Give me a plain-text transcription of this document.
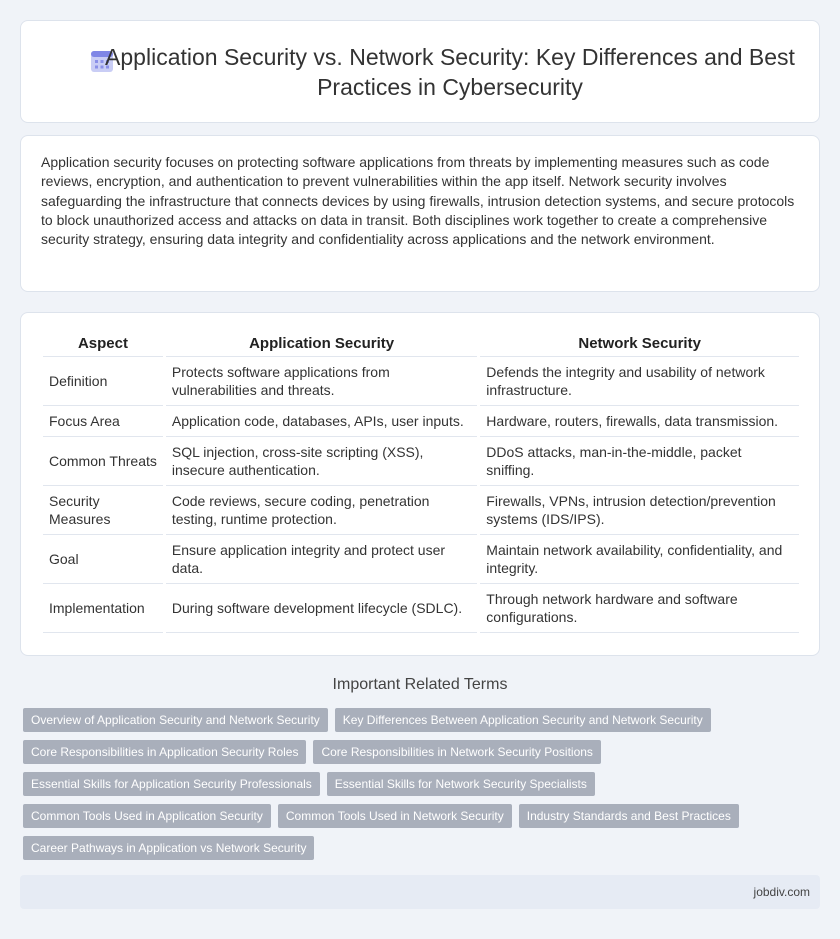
Application Security vs. Network Security: Key Differences and Best Practices in Cybersecurity

Application security focuses on protecting software applications from threats by implementing measures such as code reviews, encryption, and authentication to prevent vulnerabilities within the app itself. Network security involves safeguarding the infrastructure that connects devices by using firewalls, intrusion detection systems, and secure protocols to block unauthorized access and attacks on data in transit. Both disciplines work together to create a comprehensive security strategy, ensuring data integrity and confidentiality across applications and the network environment.

Aspect		Application Security		Network Security
Definition		Protects software applications from vulnerabilities and threats.		Defends the integrity and usability of network infrastructure.
Focus Area		Application code, databases, APIs, user inputs.		Hardware, routers, firewalls, data transmission.
Common Threats		SQL injection, cross-site scripting (XSS), insecure authentication.		DDoS attacks, man-in-the-middle, packet sniffing.
Security Measures		Code reviews, secure coding, penetration testing, runtime protection.		Firewalls, VPNs, intrusion detection/prevention systems (IDS/IPS).
Goal		Ensure application integrity and protect user data.		Maintain network availability, confidentiality, and integrity.
Implementation		During software development lifecycle (SDLC).		Through network hardware and software configurations.
Important Related Terms
Overview of Application Security and Network Security	Key Differences Between Application Security and Network Security
Core Responsibilities in Application Security Roles	Core Responsibilities in Network Security Positions
Essential Skills for Application Security Professionals	Essential Skills for Network Security Specialists
Common Tools Used in Application Security	Common Tools Used in Network Security	Industry Standards and Best Practices
Career Pathways in Application vs Network Security
jobdiv.com
